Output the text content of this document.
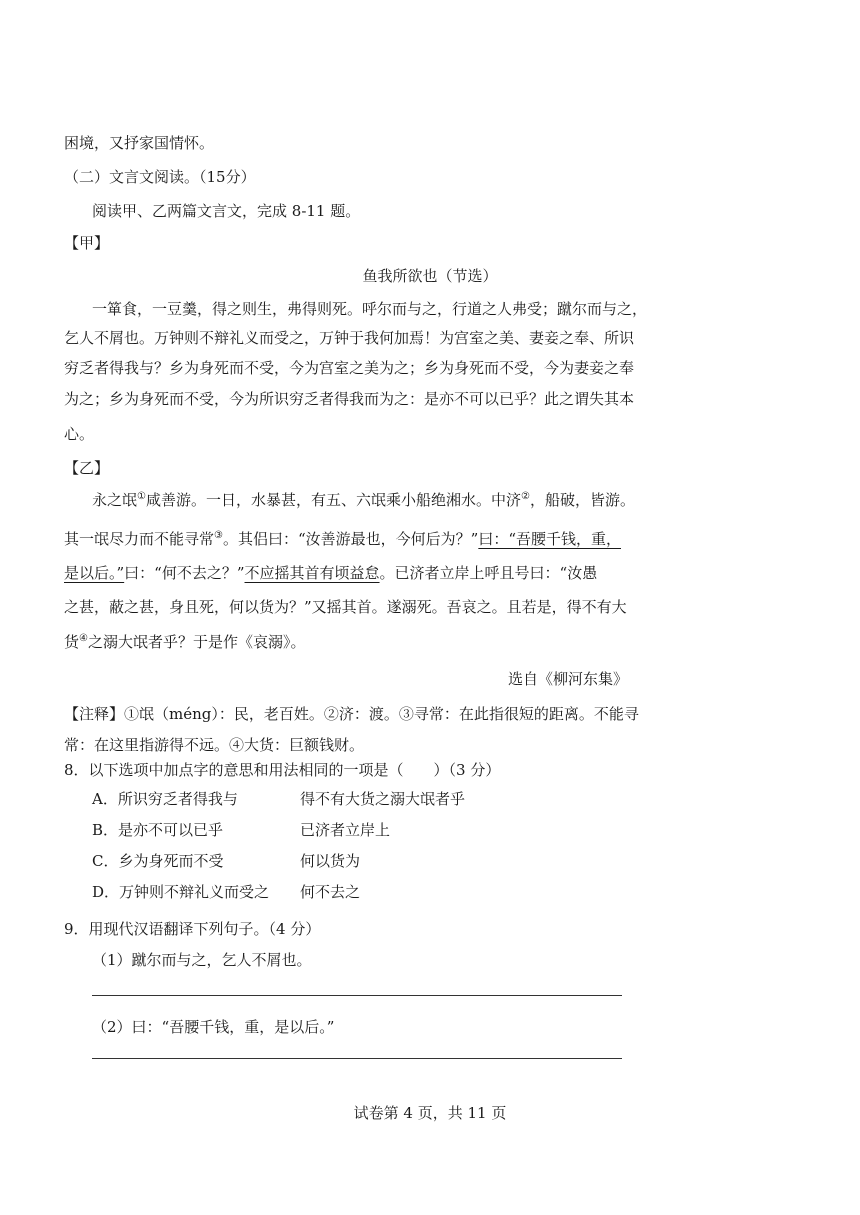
困境，又抒家国情怀。
（二）文言文阅读。（15分）
阅读甲、乙两篇文言文，完成 8-11 题。
【甲】
鱼我所欲也（节选）
一箪食，一豆羹，得之则生，弗得则死。呼尔而与之，行道之人弗受；蹴尔而与之，
乞人不屑也。万钟则不辩礼义而受之，万钟于我何加焉！为宫室之美、妻妾之奉、所识
穷乏者得我与？乡为身死而不受，今为宫室之美为之；乡为身死而不受，今为妻妾之奉
为之；乡为身死而不受，今为所识穷乏者得我而为之：是亦不可以已乎？此之谓失其本
心。
【乙】
永之氓①咸善游。一日，水暴甚，有五、六氓乘小船绝湘水。中济②，船破，皆游。
其一氓尽力而不能寻常③。其侣曰：“汝善游最也，今何后为？”曰：“吾腰千钱，重，
是以后。”曰：“何不去之？”不应摇其首有顷益怠。已济者立岸上呼且号曰：“汝愚
之甚，蔽之甚，身且死，何以货为？”又摇其首。遂溺死。吾哀之。且若是，得不有大
货④之溺大氓者乎？于是作《哀溺》。
选自《柳河东集》
【注释】①氓（méng）：民，老百姓。②济：渡。③寻常：在此指很短的距离。不能寻
常：在这里指游得不远。④大货：巨额钱财。
8．以下选项中加点字的意思和用法相同的一项是（　　）（3 分）
A．所识穷乏者得我与	得不有大货之溺大氓者乎
B．是亦不可以已乎	已济者立岸上
C．乡为身死而不受	何以货为
D．万钟则不辩礼义而受之 何不去之
9．用现代汉语翻译下列句子。（4 分）
（1）蹴尔而与之，乞人不屑也。
（2）曰：“吾腰千钱，重，是以后。”
试卷第 4 页，共 11 页
